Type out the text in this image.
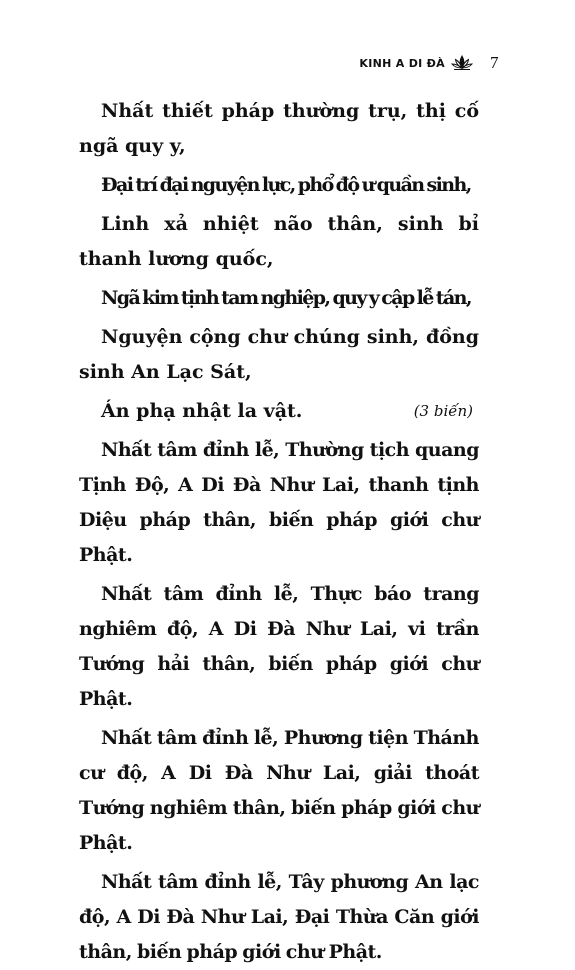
KINH A DI ĐÀ	7

Nhất thiết pháp thường trụ, thị cố ngã quy y,

Đại trí đại nguyện lực, phổ độ ư quần sinh,

Linh xả nhiệt não thân, sinh bỉ thanh lương quốc,

Ngã kim tịnh tam nghiệp, quy y cập lễ tán,

Nguyện cộng chư chúng sinh, đồng sinh An Lạc Sát,

Án phạ nhật la vật.	(3 biến)

Nhất tâm đỉnh lễ, Thường tịch quang Tịnh Độ, A Di Đà Như Lai, thanh tịnh Diệu pháp thân, biến pháp giới chư Phật.

Nhất tâm đỉnh lễ, Thực báo trang nghiêm độ, A Di Đà Như Lai, vi trần Tướng hải thân, biến pháp giới chư Phật.

Nhất tâm đỉnh lễ, Phương tiện Thánh cư độ, A Di Đà Như Lai, giải thoát Tướng nghiêm thân, biến pháp giới chư Phật.

Nhất tâm đỉnh lễ, Tây phương An lạc độ, A Di Đà Như Lai, Đại Thừa Căn giới thân, biến pháp giới chư Phật.
